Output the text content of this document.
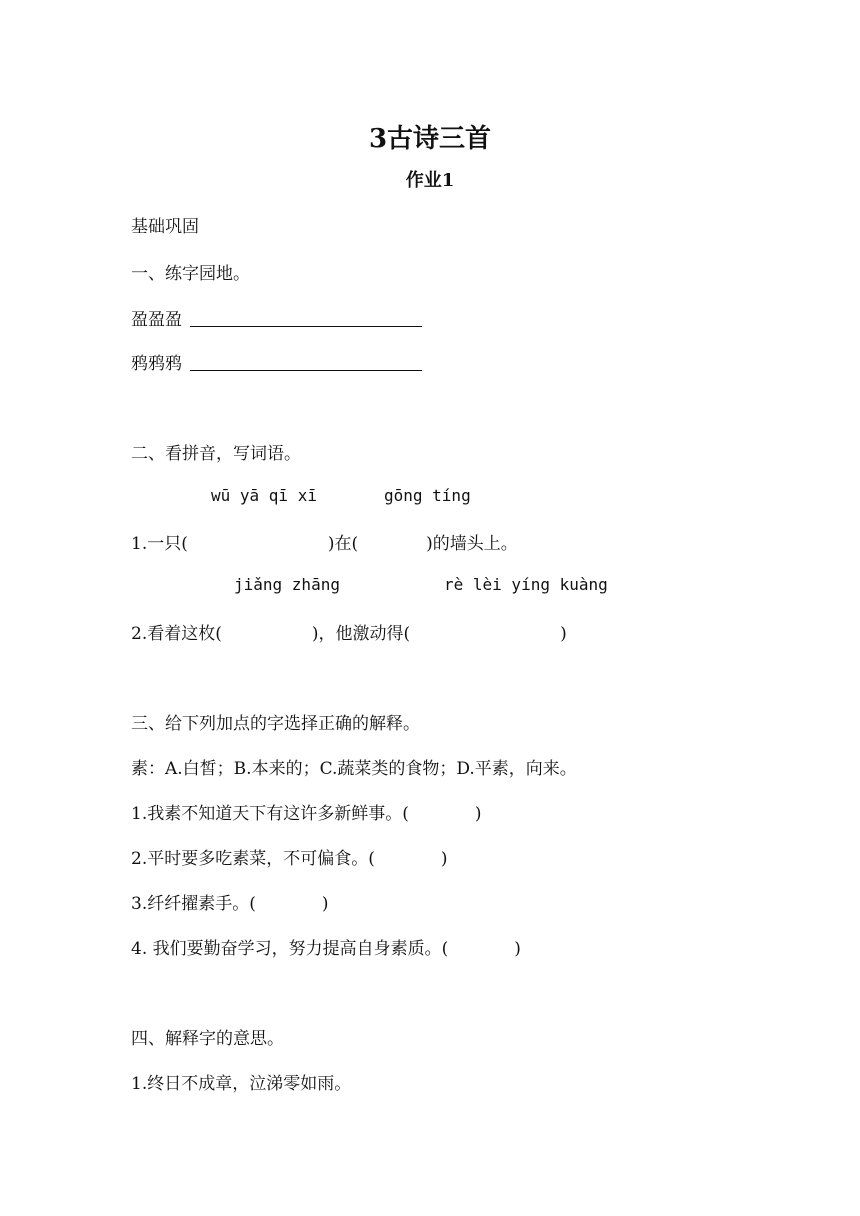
3古诗三首
作业1
基础巩固
一、练字园地。
盈盈盈
鸦鸦鸦
二、看拼音，写词语。
wū yā qī xī	gōng tíng
1.一只(	)在(	)的墙头上。
jiǎng zhāng	rè lèi yíng kuàng
2.看着这枚(	)，他激动得(	)
三、给下列加点的字选择正确的解释。
素：A.白皙；B.本来的；C.蔬菜类的食物；D.平素，向来。
1.我素不知道天下有这许多新鲜事。(	)
2.平时要多吃素菜，不可偏食。(	)
3.纤纤擢素手。(	)
4. 我们要勤奋学习，努力提高自身素质。(	)
四、解释字的意思。
1.终日不成章，泣涕零如雨。
